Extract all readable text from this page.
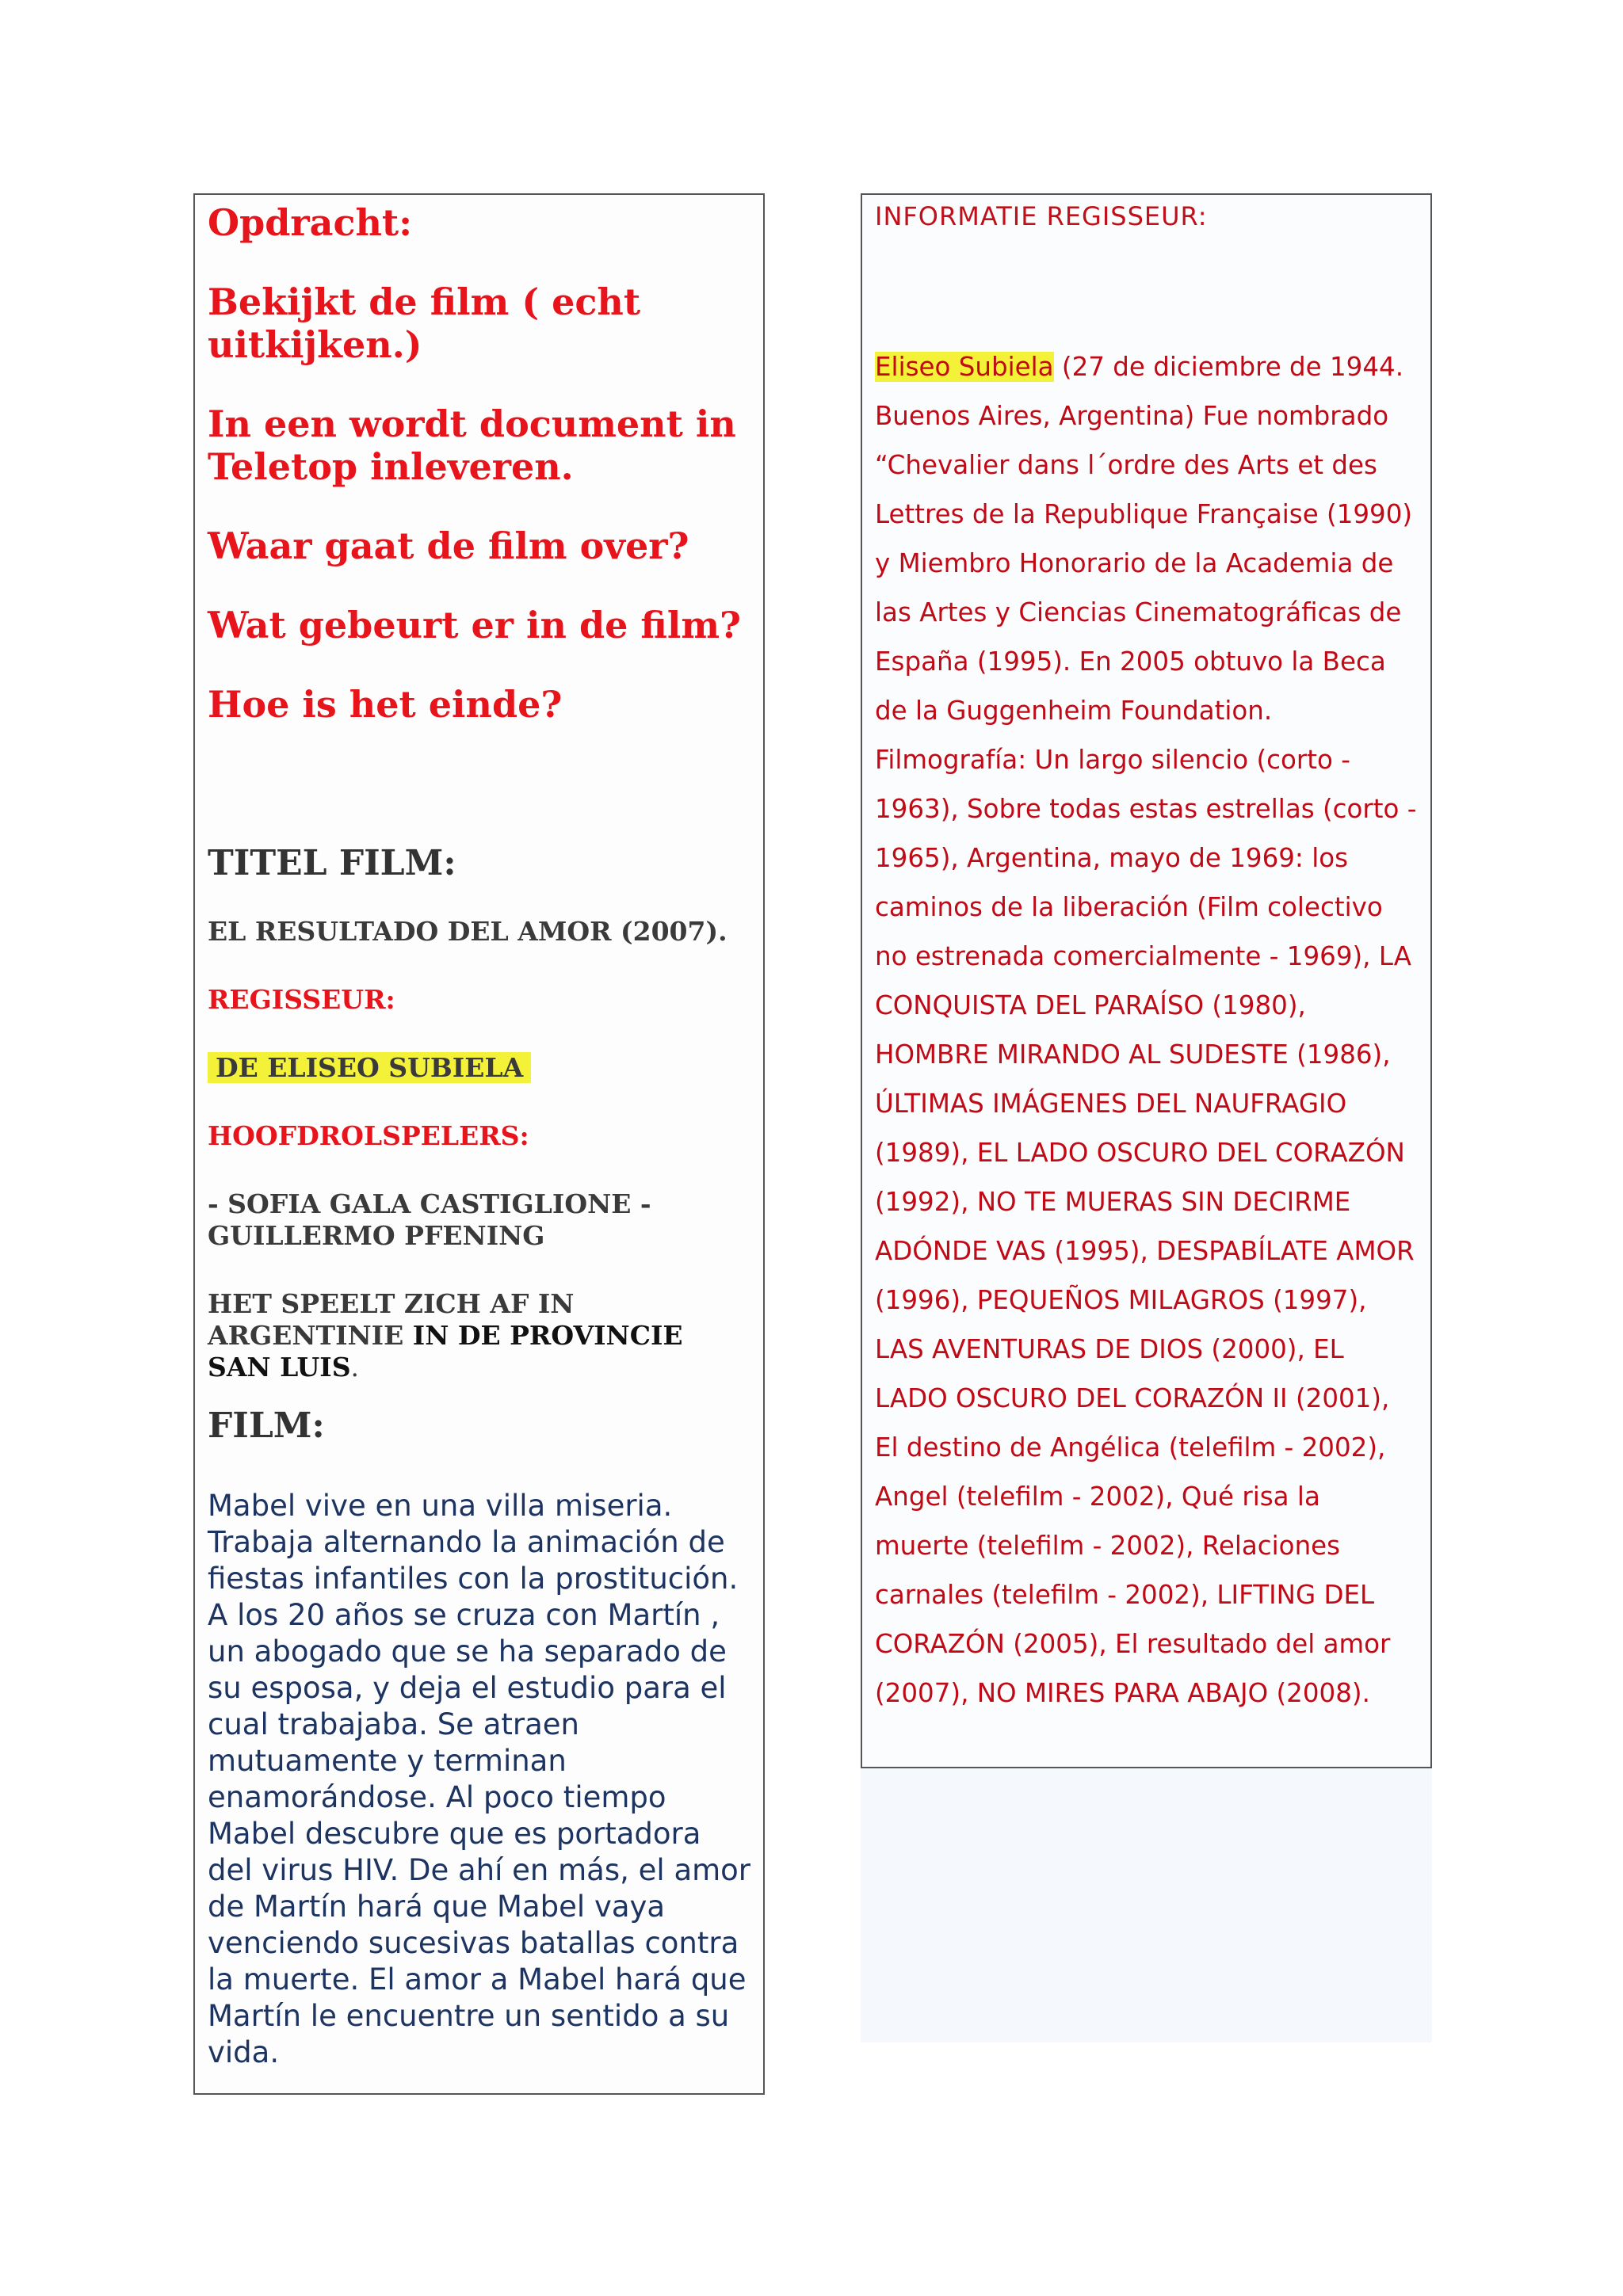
Opdracht:

Bekijkt de film ( echt uitkijken.)

In een wordt document in Teletop inleveren.

Waar gaat de film over?

Wat gebeurt er in de film?

Hoe is het einde?

TITEL FILM:

EL RESULTADO DEL AMOR (2007).

REGISSEUR:

DE ELISEO SUBIELA

HOOFDROLSPELERS:

- SOFIA GALA CASTIGLIONE - GUILLERMO PFENING

HET SPEELT ZICH AF IN ARGENTINIE IN DE PROVINCIE SAN LUIS.

FILM:

Mabel vive en una villa miseria. Trabaja alternando la animación de fiestas infantiles con la prostitución. A los 20 años se cruza con Martín , un abogado que se ha separado de su esposa, y deja el estudio para el cual trabajaba. Se atraen mutuamente y terminan enamorándose. Al poco tiempo Mabel descubre que es portadora del virus HIV. De ahí en más, el amor de Martín hará que Mabel vaya venciendo sucesivas batallas contra la muerte. El amor a Mabel hará que Martín le encuentre un sentido a su vida.

INFORMATIE REGISSEUR:

Eliseo Subiela (27 de diciembre de 1944. Buenos Aires, Argentina) Fue nombrado “Chevalier dans l´ordre des Arts et des Lettres de la Republique Française (1990) y Miembro Honorario de la Academia de las Artes y Ciencias Cinematográficas de España (1995). En 2005 obtuvo la Beca de la Guggenheim Foundation.

Filmografía: Un largo silencio (corto - 1963), Sobre todas estas estrellas (corto - 1965), Argentina, mayo de 1969: los caminos de la liberación (Film colectivo no estrenada comercialmente - 1969), LA CONQUISTA DEL PARAÍSO (1980), HOMBRE MIRANDO AL SUDESTE (1986), ÚLTIMAS IMÁGENES DEL NAUFRAGIO (1989), EL LADO OSCURO DEL CORAZÓN (1992), NO TE MUERAS SIN DECIRME ADÓNDE VAS (1995), DESPABÍLATE AMOR (1996), PEQUEÑOS MILAGROS (1997), LAS AVENTURAS DE DIOS (2000), EL LADO OSCURO DEL CORAZÓN II (2001), El destino de Angélica (telefilm - 2002), Angel (telefilm - 2002), Qué risa la muerte (telefilm - 2002), Relaciones carnales (telefilm - 2002), LIFTING DEL CORAZÓN (2005), El resultado del amor (2007), NO MIRES PARA ABAJO (2008).
